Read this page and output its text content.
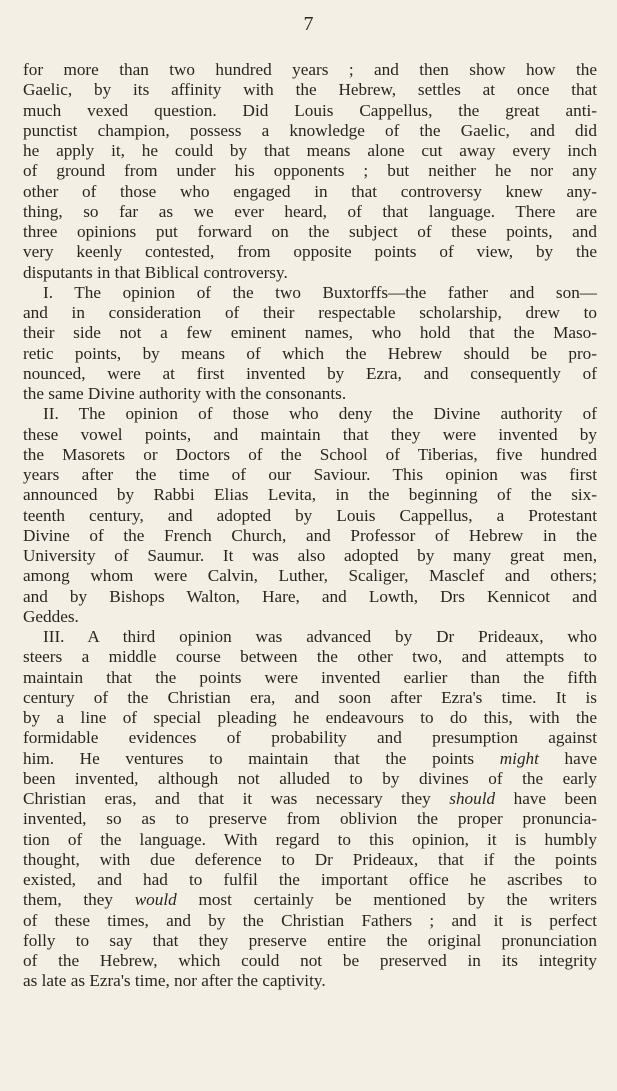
7
for more than two hundred years ; and then show how the
Gaelic, by its affinity with the Hebrew, settles at once that
much vexed question. Did Louis Cappellus, the great anti-
punctist champion, possess a knowledge of the Gaelic, and did
he apply it, he could by that means alone cut away every inch
of ground from under his opponents ; but neither he nor any
other of those who engaged in that controversy knew any-
thing, so far as we ever heard, of that language. There are
three opinions put forward on the subject of these points, and
very keenly contested, from opposite points of view, by the
disputants in that Biblical controversy.
I. The opinion of the two Buxtorffs—the father and son—
and in consideration of their respectable scholarship, drew to
their side not a few eminent names, who hold that the Maso-
retic points, by means of which the Hebrew should be pro-
nounced, were at first invented by Ezra, and consequently of
the same Divine authority with the consonants.
II. The opinion of those who deny the Divine authority of
these vowel points, and maintain that they were invented by
the Masorets or Doctors of the School of Tiberias, five hundred
years after the time of our Saviour. This opinion was first
announced by Rabbi Elias Levita, in the beginning of the six-
teenth century, and adopted by Louis Cappellus, a Protestant
Divine of the French Church, and Professor of Hebrew in the
University of Saumur. It was also adopted by many great men,
among whom were Calvin, Luther, Scaliger, Masclef and others;
and by Bishops Walton, Hare, and Lowth, Drs Kennicot and
Geddes.
III. A third opinion was advanced by Dr Prideaux, who
steers a middle course between the other two, and attempts to
maintain that the points were invented earlier than the fifth
century of the Christian era, and soon after Ezra's time. It is
by a line of special pleading he endeavours to do this, with the
formidable evidences of probability and presumption against
him. He ventures to maintain that the points might have
been invented, although not alluded to by divines of the early
Christian eras, and that it was necessary they should have been
invented, so as to preserve from oblivion the proper pronuncia-
tion of the language. With regard to this opinion, it is humbly
thought, with due deference to Dr Prideaux, that if the points
existed, and had to fulfil the important office he ascribes to
them, they would most certainly be mentioned by the writers
of these times, and by the Christian Fathers ; and it is perfect
folly to say that they preserve entire the original pronunciation
of the Hebrew, which could not be preserved in its integrity
as late as Ezra's time, nor after the captivity.
